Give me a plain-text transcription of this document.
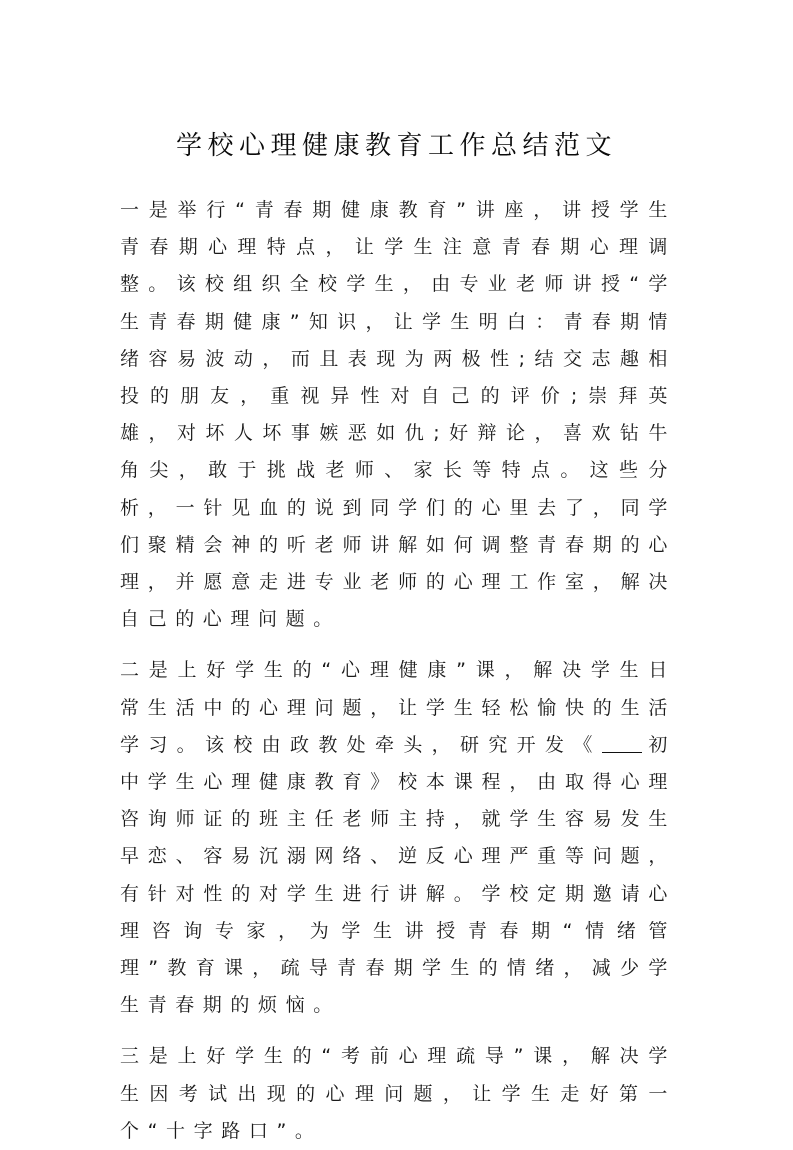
学校心理健康教育工作总结范文

一是举行“青春期健康教育”讲座，讲授学生青春期心理特点，让学生注意青春期心理调整。该校组织全校学生，由专业老师讲授“学生青春期健康”知识，让学生明白：青春期情绪容易波动，而且表现为两极性;结交志趣相投的朋友，重视异性对自己的评价;崇拜英雄，对坏人坏事嫉恶如仇;好辩论，喜欢钻牛角尖，敢于挑战老师、家长等特点。这些分析，一针见血的说到同学们的心里去了，同学们聚精会神的听老师讲解如何调整青春期的心理，并愿意走进专业老师的心理工作室，解决自己的心理问题。

二是上好学生的“心理健康”课，解决学生日常生活中的心理问题，让学生轻松愉快的生活学习。该校由政教处牵头，研究开发《 初中学生心理健康教育》校本课程，由取得心理咨询师证的班主任老师主持，就学生容易发生早恋、容易沉溺网络、逆反心理严重等问题，有针对性的对学生进行讲解。学校定期邀请心理咨询专家，为学生讲授青春期“情绪管理”教育课，疏导青春期学生的情绪，减少学生青春期的烦恼。

三是上好学生的“考前心理疏导”课，解决学生因考试出现的心理问题，让学生走好第一个“十字路口”。
